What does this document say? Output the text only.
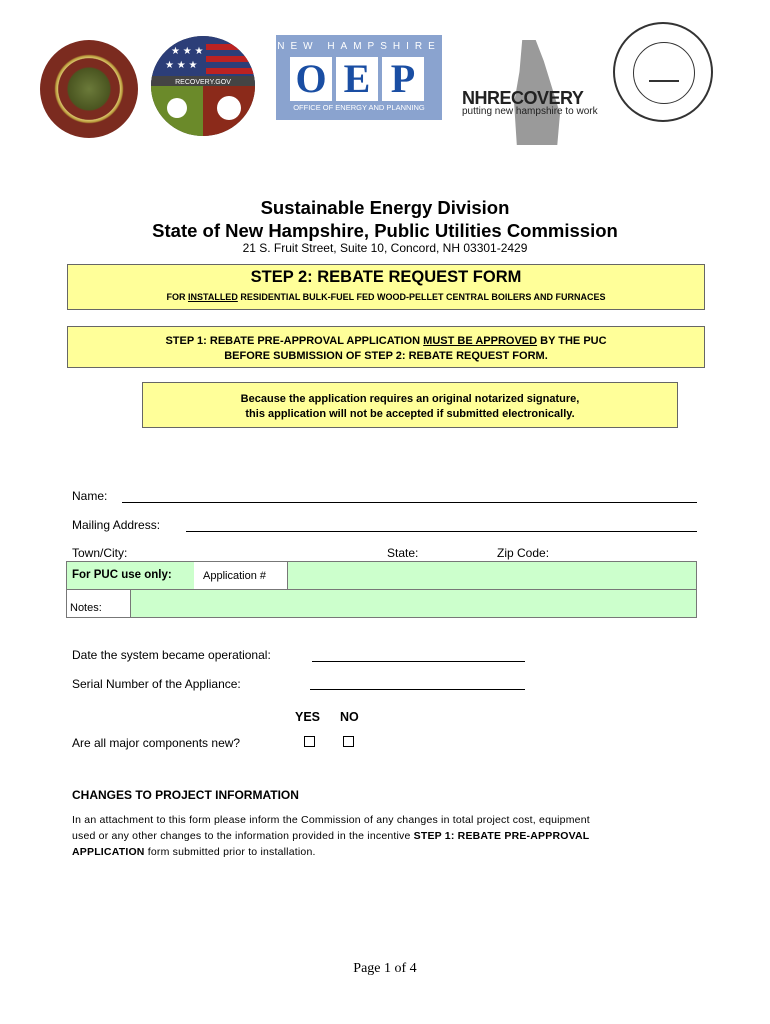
★ ★ ★
★ ★ ★
RECOVERY.GOV
NEW HAMPSHIRE
O E P
OFFICE OF ENERGY AND PLANNING	NHRECOVERY
putting new hampshire to work
Sustainable Energy Division
State of New Hampshire, Public Utilities Commission
21 S. Fruit Street, Suite 10, Concord, NH 03301-2429
STEP 2: REBATE REQUEST FORM
FOR INSTALLED RESIDENTIAL BULK-FUEL FED WOOD-PELLET CENTRAL BOILERS AND FURNACES
STEP 1: REBATE PRE-APPROVAL APPLICATION MUST BE APPROVED BY THE PUC
BEFORE SUBMISSION OF STEP 2: REBATE REQUEST FORM.
Because the application requires an original notarized signature,
this application will not be accepted if submitted electronically.
Name:
Mailing Address:
Town/City:	State:	Zip Code:
For PUC use only:	Application #
Notes:
Date the system became operational:
Serial Number of the Appliance:
YES NO
Are all major components new?
CHANGES TO PROJECT INFORMATION
In an attachment to this form please inform the Commission of any changes in total project cost, equipment
used or any other changes to the information provided in the incentive STEP 1: REBATE PRE-APPROVAL
APPLICATION form submitted prior to installation.
Page 1 of 4
